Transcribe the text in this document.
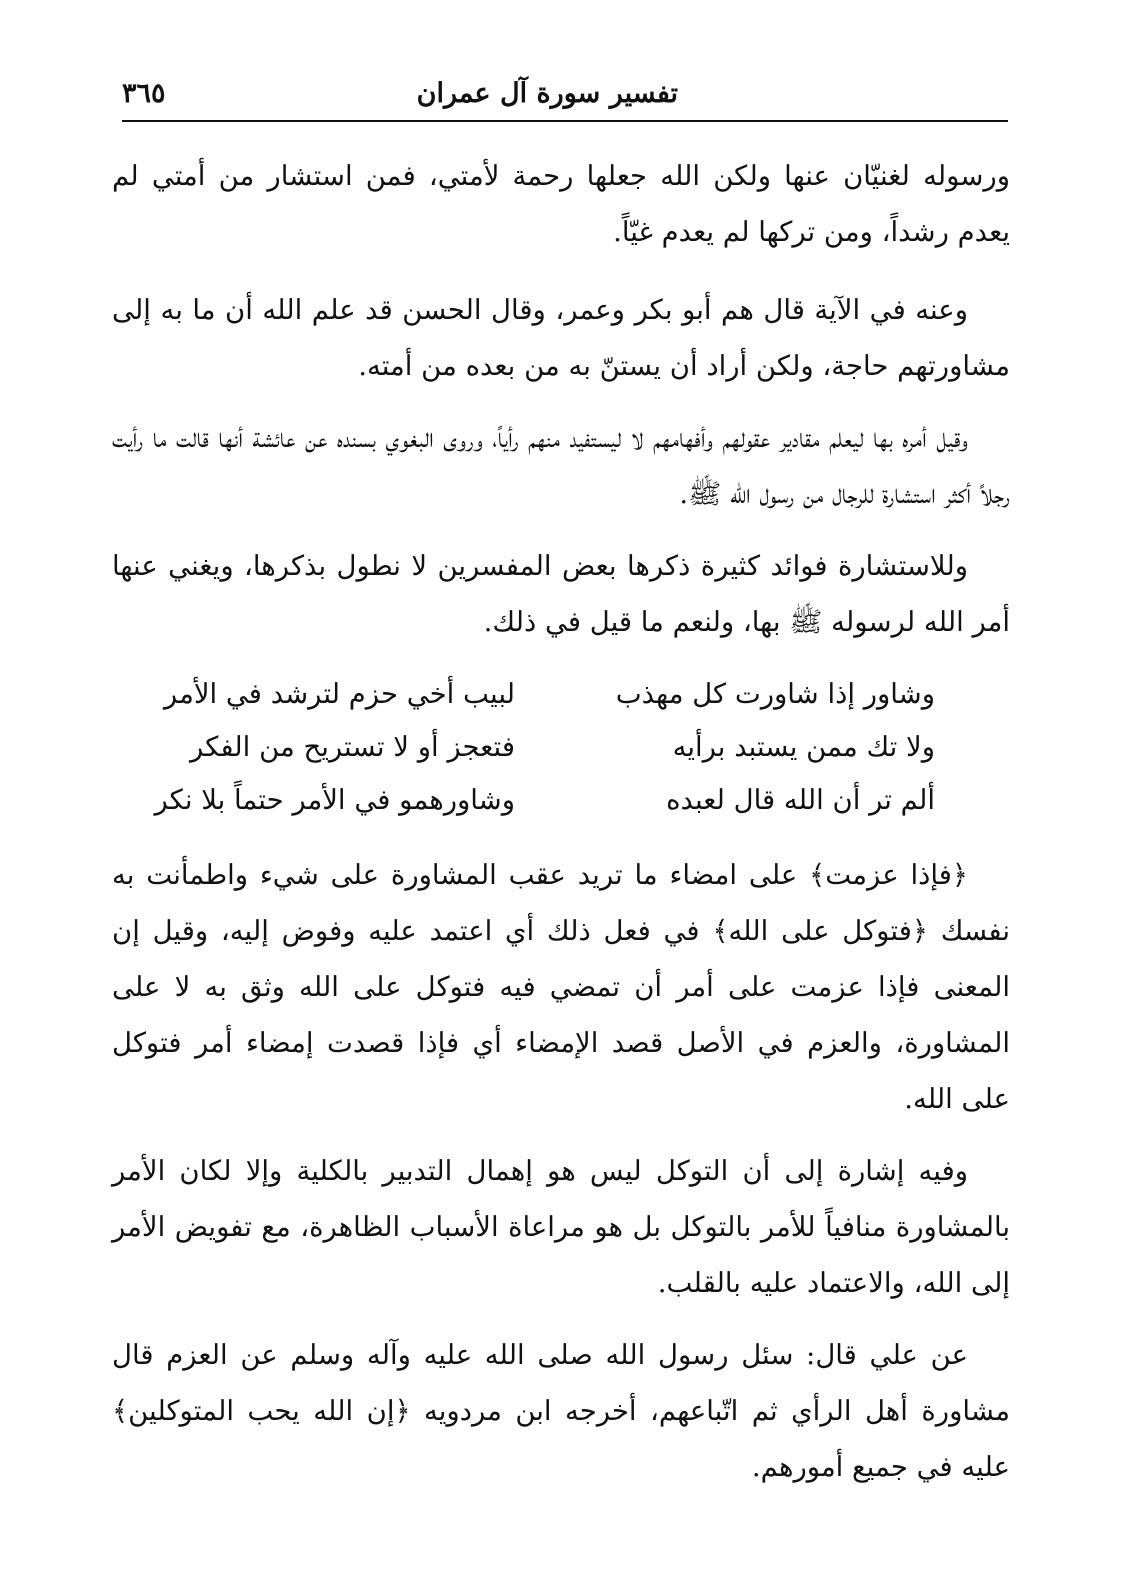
تفسير سورة آل عمران
٣٦٥

ورسوله لغنيّان عنها ولكن الله جعلها رحمة لأمتي، فمن استشار من أمتي لم يعدم رشداً، ومن تركها لم يعدم غيّاً.

وعنه في الآية قال هم أبو بكر وعمر، وقال الحسن قد علم الله أن ما به إلى مشاورتهم حاجة، ولكن أراد أن يستنّ به من بعده من أمته.

وقيل أمره بها ليعلم مقادير عقولهم وأفهامهم لا ليستفيد منهم رأياً، وروى البغوي بسنده عن عائشة أنها قالت ما رأيت رجلاً أكثر استشارة للرجال من رسول الله ﷺ.

وللاستشارة فوائد كثيرة ذكرها بعض المفسرين لا نطول بذكرها، ويغني عنها أمر الله لرسوله ﷺ بها، ولنعم ما قيل في ذلك.

وشاور إذا شاورت كل مهذب
لبيب أخي حزم لترشد في الأمر
ولا تك ممن يستبد برأيه
فتعجز أو لا تستريح من الفكر
ألم تر أن الله قال لعبده
وشاورهمو في الأمر حتماً بلا نكر

﴿فإذا عزمت﴾ على امضاء ما تريد عقب المشاورة على شيء واطمأنت به نفسك ﴿فتوكل على الله﴾ في فعل ذلك أي اعتمد عليه وفوض إليه، وقيل إن المعنى فإذا عزمت على أمر أن تمضي فيه فتوكل على الله وثق به لا على المشاورة، والعزم في الأصل قصد الإمضاء أي فإذا قصدت إمضاء أمر فتوكل على الله.

وفيه إشارة إلى أن التوكل ليس هو إهمال التدبير بالكلية وإلا لكان الأمر بالمشاورة منافياً للأمر بالتوكل بل هو مراعاة الأسباب الظاهرة، مع تفويض الأمر إلى الله، والاعتماد عليه بالقلب.

عن علي قال: سئل رسول الله صلى الله عليه وآله وسلم عن العزم قال مشاورة أهل الرأي ثم اتّباعهم، أخرجه ابن مردويه ﴿إن الله يحب المتوكلين﴾ عليه في جميع أمورهم.
